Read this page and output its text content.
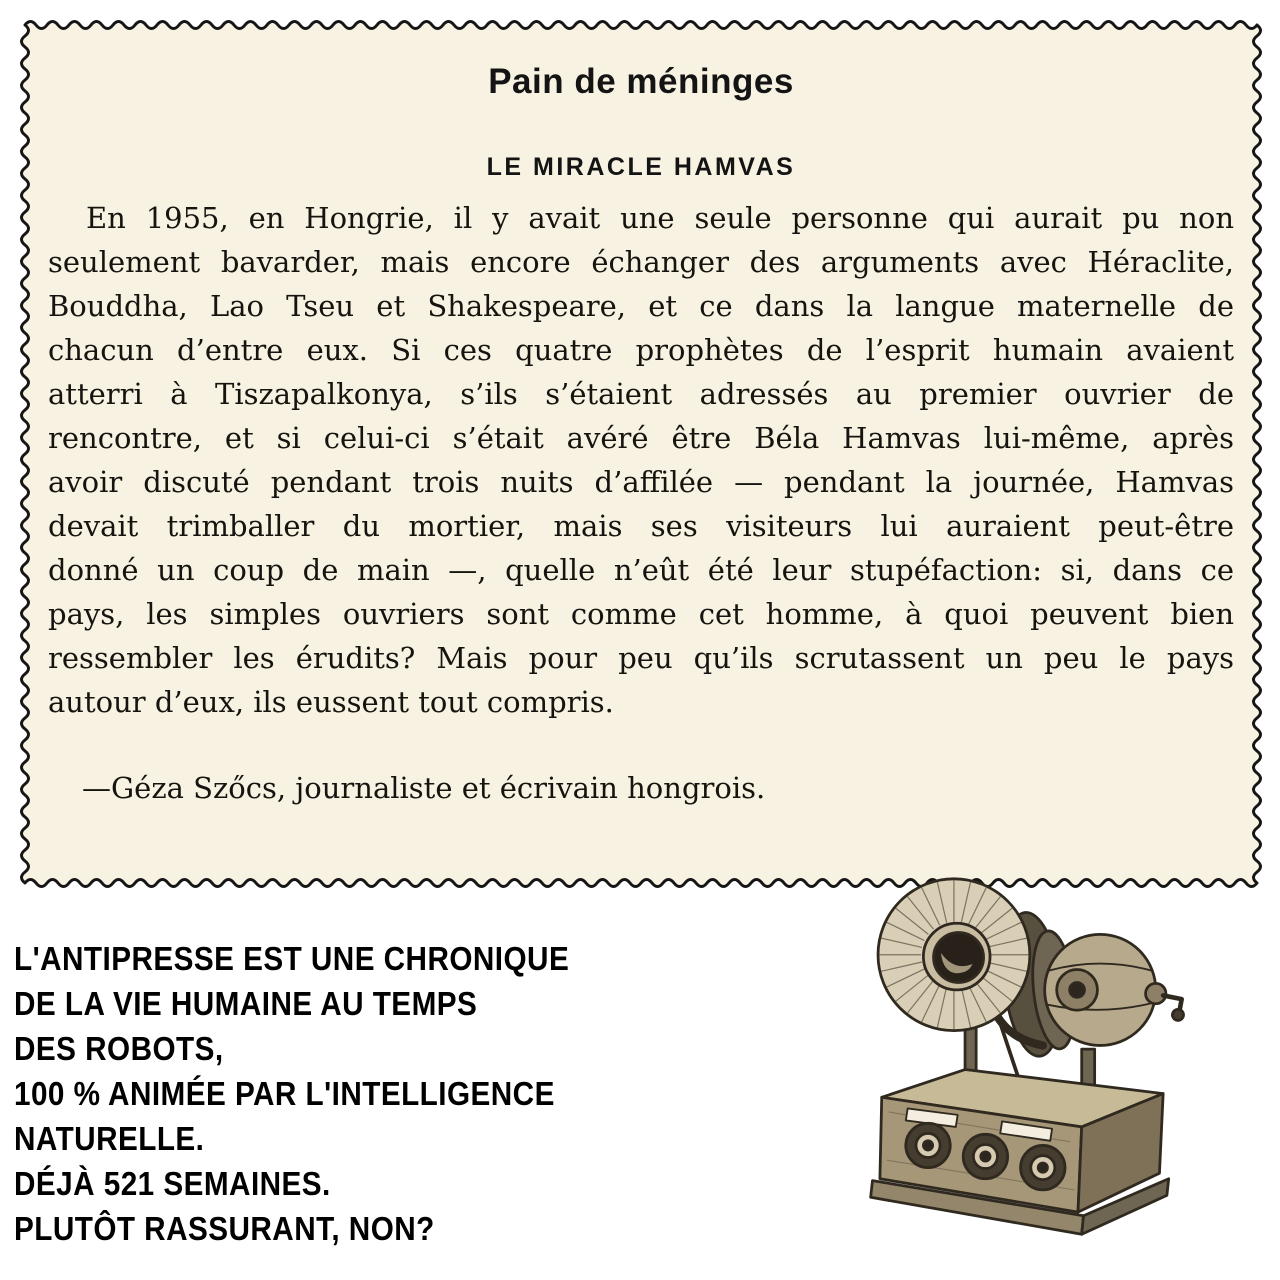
Pain de méninges
LE MIRACLE HAMVAS
En 1955, en Hongrie, il y avait une seule personne qui aurait pu non
seulement bavarder, mais encore échanger des arguments avec Héraclite,
Bouddha, Lao Tseu et Shakespeare, et ce dans la langue maternelle de
chacun d’entre eux. Si ces quatre prophètes de l’esprit humain avaient
atterri à Tiszapalkonya, s’ils s’étaient adressés au premier ouvrier de
rencontre, et si celui-ci s’était avéré être Béla Hamvas lui-même, après
avoir discuté pendant trois nuits d’affilée — pendant la journée, Hamvas
devait trimballer du mortier, mais ses visiteurs lui auraient peut-être
donné un coup de main —, quelle n’eût été leur stupéfaction: si, dans ce
pays, les simples ouvriers sont comme cet homme, à quoi peuvent bien
ressembler les érudits? Mais pour peu qu’ils scrutassent un peu le pays
autour d’eux, ils eussent tout compris.

—Géza Szőcs, journaliste et écrivain hongrois.

L'ANTIPRESSE EST UNE CHRONIQUE
DE LA VIE HUMAINE AU TEMPS
DES ROBOTS,
100 % ANIMÉE PAR L'INTELLIGENCE
NATURELLE.
DÉJÀ 521 SEMAINES.
PLUTÔT RASSURANT, NON?
